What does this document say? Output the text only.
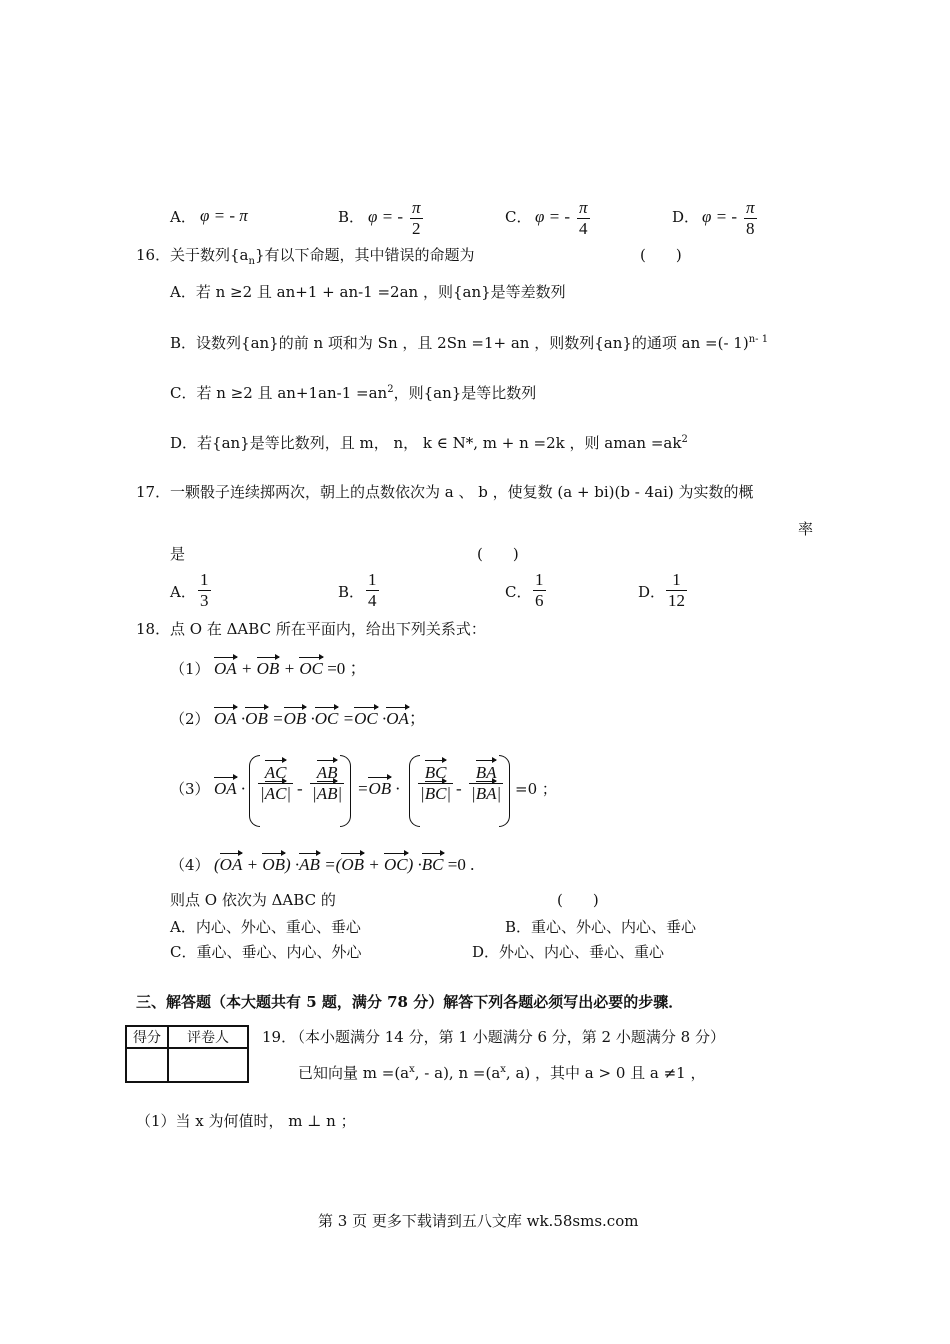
A． φ = - π	B． φ = - π
2
C． φ = - π
4
D． φ = - π
8
16． 关于数列$\{a_n\}$有以下命题，其中错误的命题为	(　　)
A．若 n ≥2 且 an+1 + an-1 =2an ，则{an}是等差数列
B．设数列{an}的前 n 项和为 Sn ，且 2Sn =1+ an ，则数列{an}的通项 an =(- 1)$^{n- 1}$
C．若 n ≥2 且 $an+1an-1 =an^2$，则{an}是等比数列
D．若{an}是等比数列，且 m， n， k ∈ N*, m + n =2k ，则 aman $=ak^2$
17． 一颗骰子连续掷两次，朝上的点数依次为 a 、 b ，使复数 (a + bi)(b - 4ai) 为实数的概
率
是	(　　)
A．
1
3	B．
1
4	C．
1
6	D．
1
12
18． 点 O 在 ΔABC 所在平面内，给出下列关系式：
（1） OA + OB + OC =0 ；
（2） OA ·OB =OB ·OC =OC ·OA；
（3） OA ·
AC
|AC| -
AB
|AB| =OB ·
BC
|BC| -
BA
|BA| =0 ；
（4） (OA + OB) ·AB =(OB + OC) ·BC =0 .
则点 O 依次为 ΔABC 的	(　　)
A．内心、外心、重心、垂心	B．重心、外心、内心、垂心
C．重心、垂心、内心、外心	D．外心、内心、垂心、重心
三、解答题（本大题共有 5 题，满分 78 分）解答下列各题必须写出必要的步骤．
得分	评卷人
	19．
（本小题满分 14 分，第 1 小题满分 6 分，第 2 小题满分 8 分）
已知向量 $m =(a^x$, - a), $n =(a^x$, a) ，其中 a > 0 且 a ≠1 ，
（1）当 x 为何值时， m ⊥ n ；
第 3 页 更多下载请到五八文库 wk.58sms.com
